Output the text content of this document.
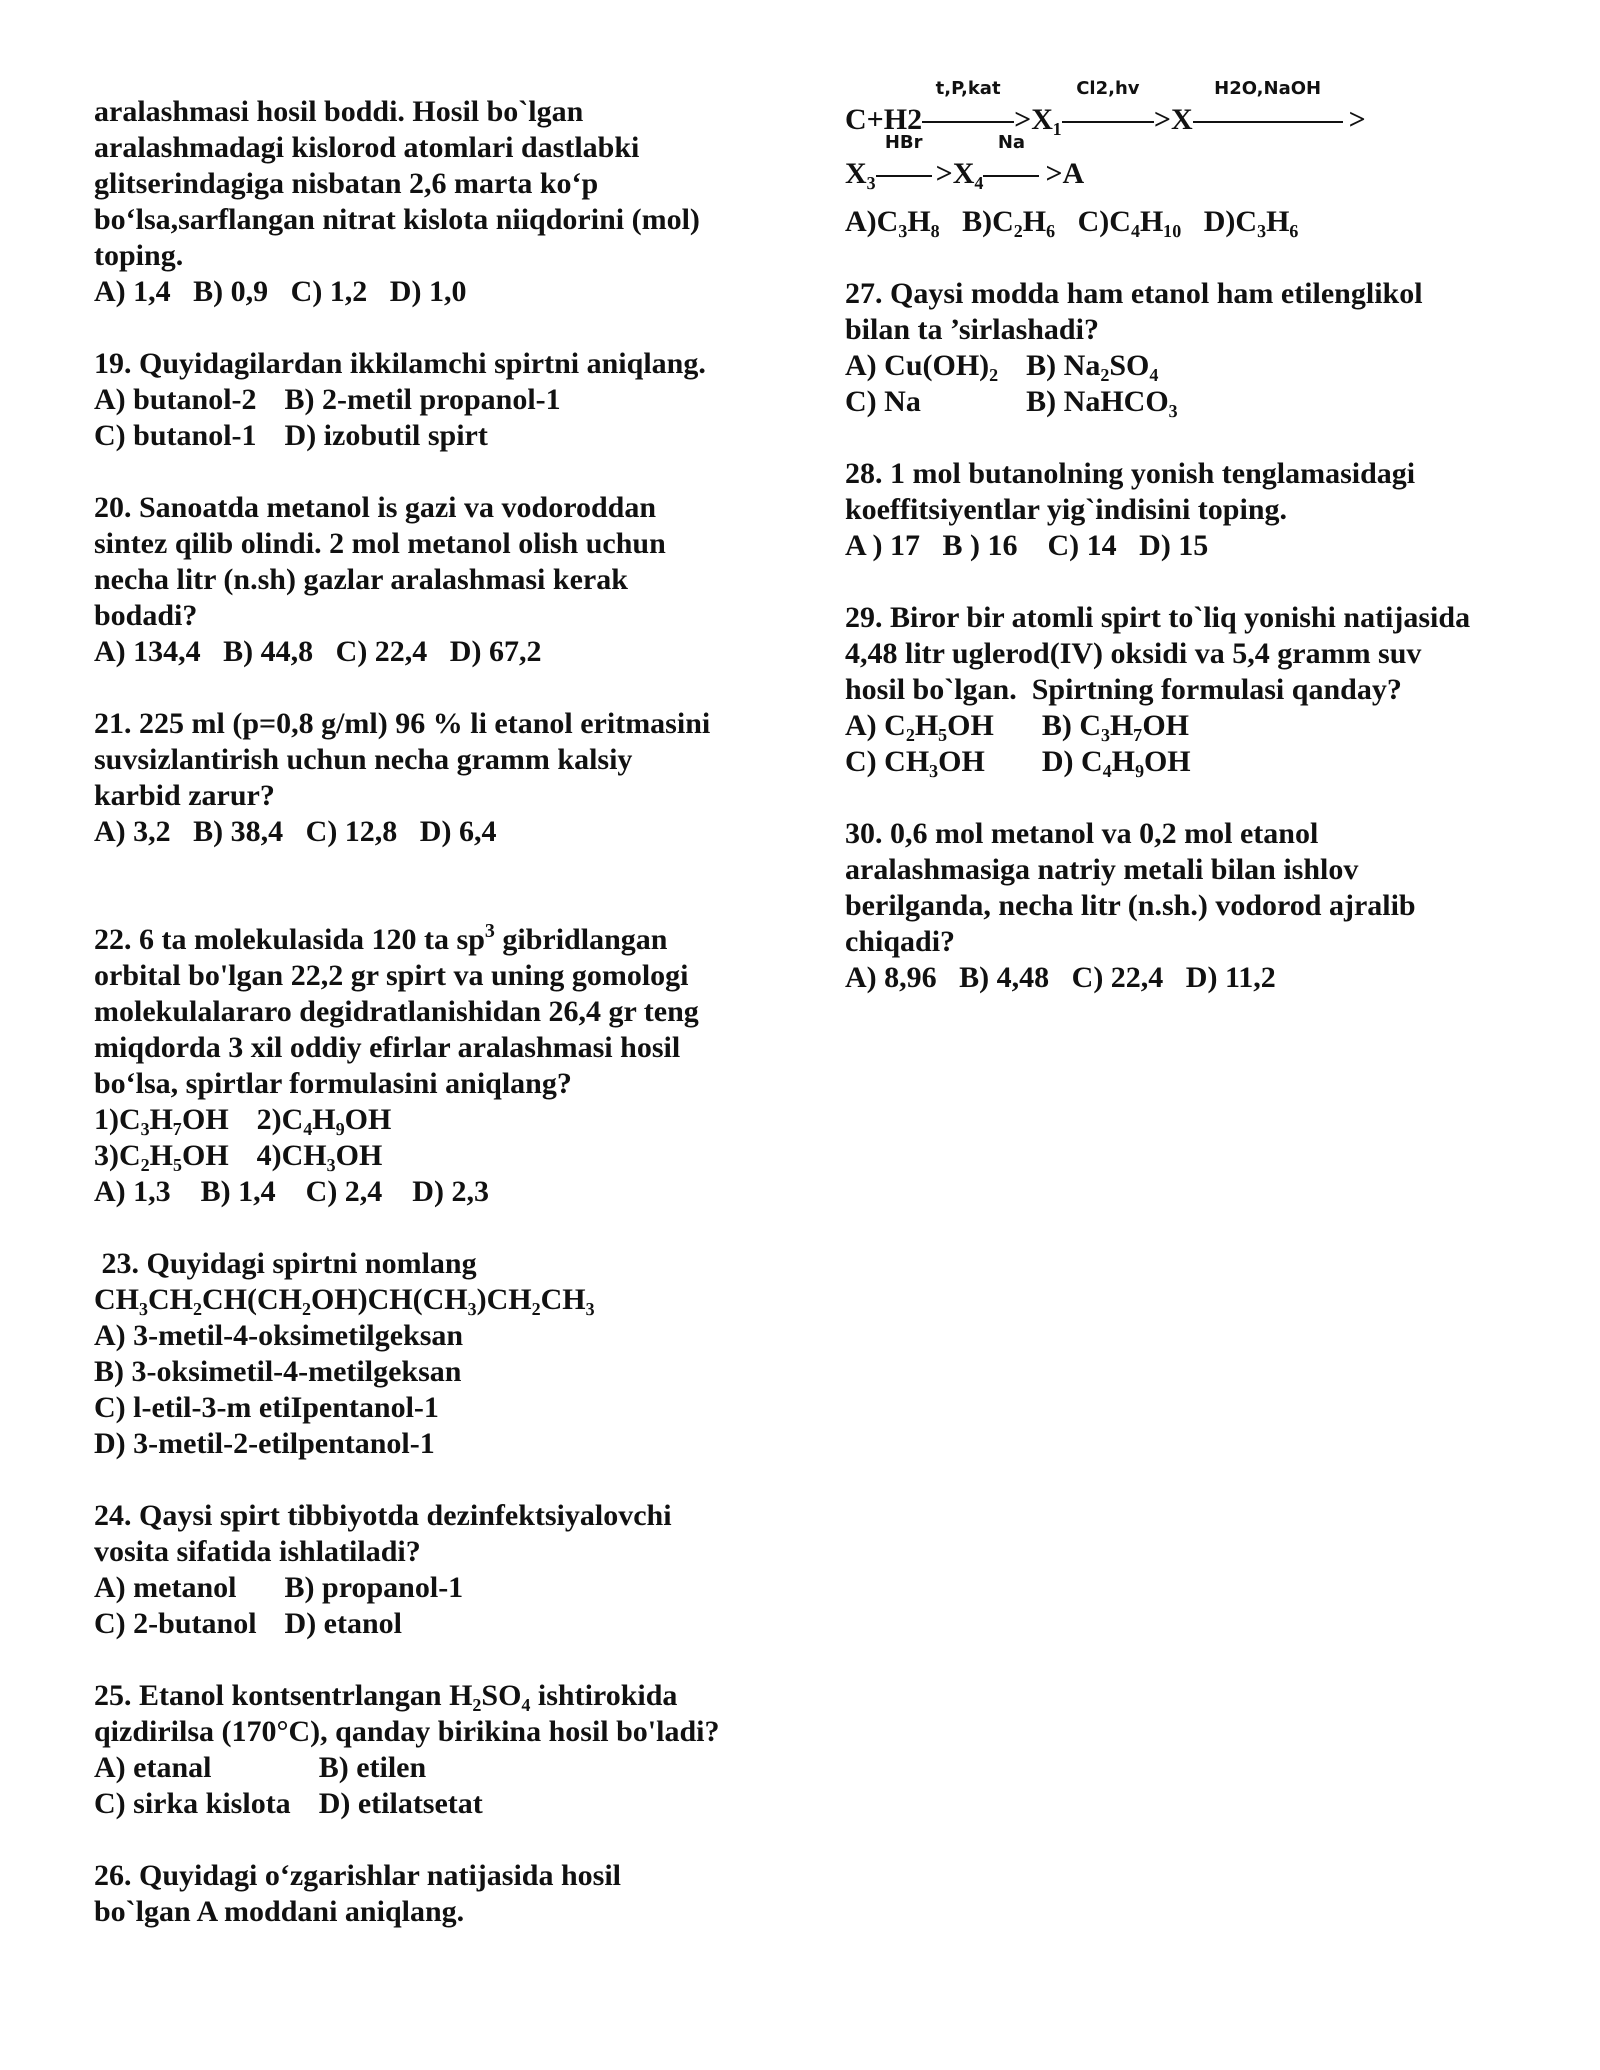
aralashmasi hosil boddi. Hosil bo`lgan

aralashmadagi kislorod atomlari dastlabki

glitserindagiga nisbatan 2,6 marta ko‘p

bo‘lsa,sarflangan nitrat kislota niiqdorini (mol)

toping.

A) 1,4   B) 0,9   C) 1,2   D) 1,0

19. Quyidagilardan ikkilamchi spirtni aniqlang.

A) butanol-2 B) 2-metil propanol-1
C) butanol-1 D) izobutil spirt

20. Sanoatda metanol is gazi va vodoroddan

sintez qilib olindi. 2 mol metanol olish uchun

necha litr (n.sh) gazlar aralashmasi kerak

bodadi?

A) 134,4   B) 44,8   C) 22,4   D) 67,2

21. 225 ml (p=0,8 g/ml) 96 % li etanol eritmasini

suvsizlantirish uchun necha gramm kalsiy

karbid zarur?

A) 3,2   B) 38,4   C) 12,8   D) 6,4

22. 6 ta molekulasida 120 ta $sp^3$ gibridlangan

orbital bo'lgan 22,2 gr spirt va uning gomologi

molekulalararo degidratlanishidan 26,4 gr teng

miqdorda 3 xil oddiy efirlar aralashmasi hosil

bo‘lsa, spirtlar formulasini aniqlang?

1)C₃H₇OH 2)C₄H₉OH
3)C₂H₅OH 4)CH₃OH

A) 1,3    B) 1,4    C) 2,4    D) 2,3

23. Quyidagi spirtni nomlang

CH₃CH₂CH(CH₂OH)CH(CH₃)CH₂CH₃

A) 3-metil-4-oksimetilgeksan

B) 3-oksimetil-4-metilgeksan

C) l-etil-3-m etiIpentanol-1

D) 3-metil-2-etilpentanol-1

24. Qaysi spirt tibbiyotda dezinfektsiyalovchi

vosita sifatida ishlatiladi?

A) metanol	B) propanol-1
C) 2-butanol D) etanol

25. Etanol kontsentrlangan H₂SO₄ ishtirokida

qizdirilsa (170°C), qanday birikina hosil bo'ladi?

A) etanal	B) etilen
C) sirka kislota D) etilatsetat

26. Quyidagi o‘zgarishlar natijasida hosil

bo`lgan A moddani aniqlang.

C+H2
t,P,kat
>X₁
Cl2,hv
>X
H2O,NaOH
>
X₃
HBr
>X₄
Na
>A

A)C₃H₈   B)C₂H₆   C)C₄H₁₀   D)C₃H₆

27. Qaysi modda ham etanol ham etilenglikol

bilan ta ’sirlashadi?

A) Cu(OH)₂ B) Na₂SO₄
C) Na	B) NaHCO₃

28. 1 mol butanolning yonish tenglamasidagi

koeffitsiyentlar yig`indisini toping.

A ) 17   B ) 16    C) 14   D) 15

29. Biror bir atomli spirt to`liq yonishi natijasida

4,48 litr uglerod(IV) oksidi va 5,4 gramm suv

hosil bo`lgan.  Spirtning formulasi qanday?

A) C₂H₅OH B) C₃H₇OH
C) CH₃OH	D) C₄H₉OH

30. 0,6 mol metanol va 0,2 mol etanol

aralashmasiga natriy metali bilan ishlov

berilganda, necha litr (n.sh.) vodorod ajralib

chiqadi?

A) 8,96   B) 4,48   C) 22,4   D) 11,2
